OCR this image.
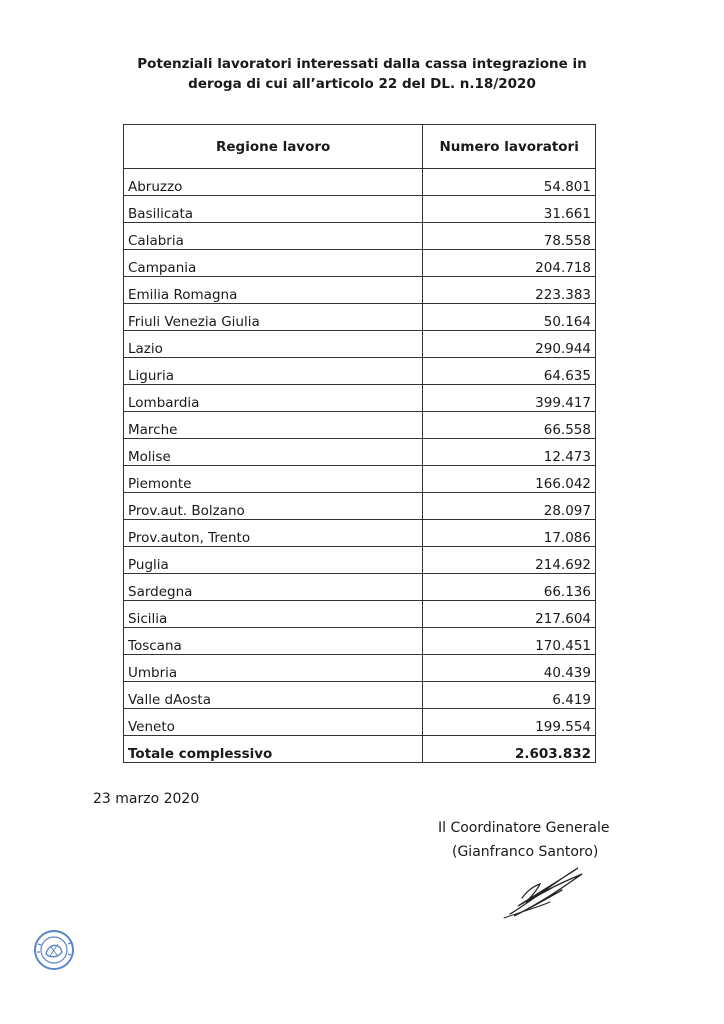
Potenziali lavoratori interessati dalla cassa integrazione in
deroga di cui all’articolo 22 del DL. n.18/2020
Regione lavoro	Numero lavoratori
Abruzzo	54.801
Basilicata	31.661
Calabria	78.558
Campania	204.718
Emilia Romagna	223.383
Friuli Venezia Giulia	50.164
Lazio	290.944
Liguria	64.635
Lombardia	399.417
Marche	66.558
Molise	12.473
Piemonte	166.042
Prov.aut. Bolzano	28.097
Prov.auton, Trento	17.086
Puglia	214.692
Sardegna	66.136
Sicilia	217.604
Toscana	170.451
Umbria	40.439
Valle dAosta	6.419
Veneto	199.554
Totale complessivo	2.603.832
23 marzo 2020
Il Coordinatore Generale
(Gianfranco Santoro)
